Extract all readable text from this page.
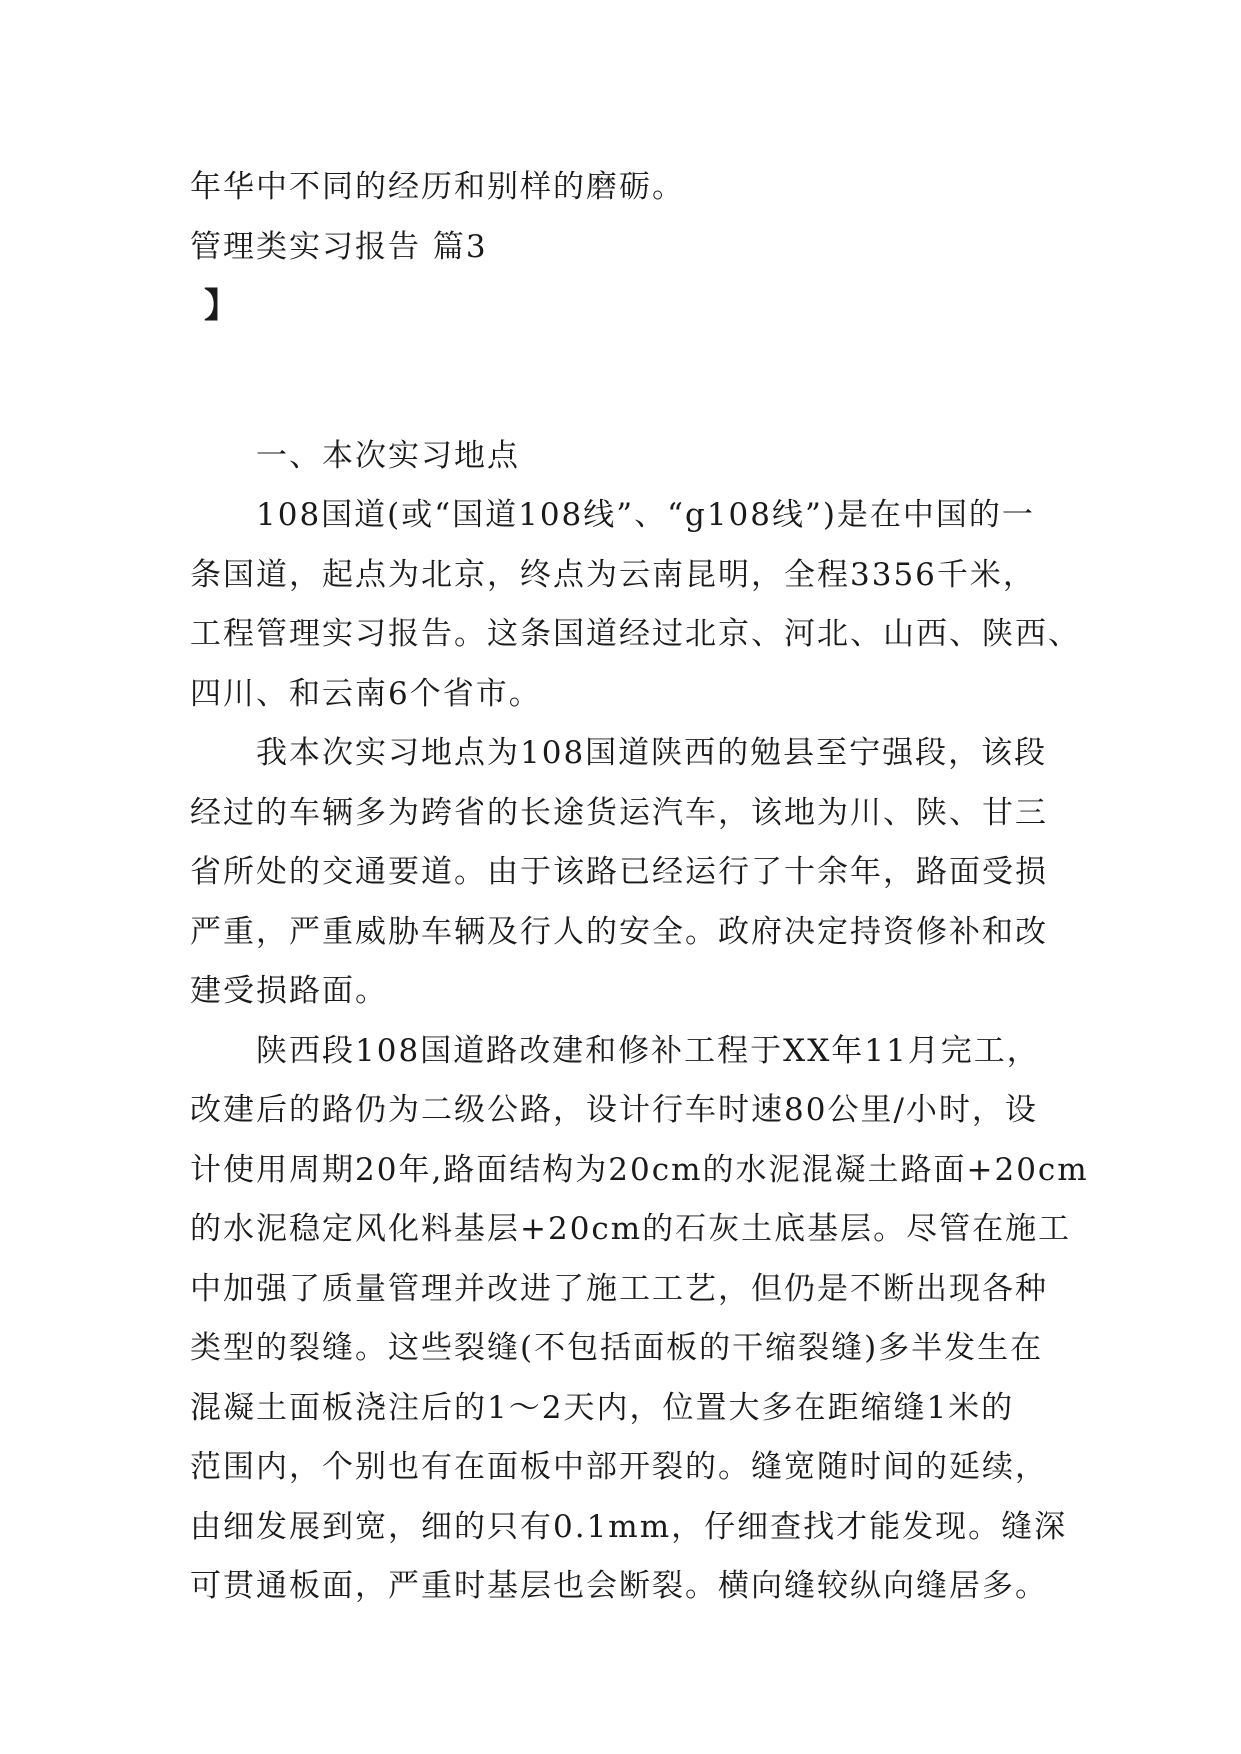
年华中不同的经历和别样的磨砺。
管理类实习报告 篇3
】
一、本次实习地点
108国道(或“国道108线”、“g108线”)是在中国的一
条国道，起点为北京，终点为云南昆明，全程3356千米，
工程管理实习报告。这条国道经过北京、河北、山西、陕西、
四川、和云南6个省市。
我本次实习地点为108国道陕西的勉县至宁强段，该段
经过的车辆多为跨省的长途货运汽车，该地为川、陕、甘三
省所处的交通要道。由于该路已经运行了十余年，路面受损
严重，严重威胁车辆及行人的安全。政府决定持资修补和改
建受损路面。
陕西段108国道路改建和修补工程于XX年11月完工，
改建后的路仍为二级公路，设计行车时速80公里/小时，设
计使用周期20年,路面结构为20cm的水泥混凝土路面+20cm
的水泥稳定风化料基层+20cm的石灰土底基层。尽管在施工
中加强了质量管理并改进了施工工艺，但仍是不断出现各种
类型的裂缝。这些裂缝(不包括面板的干缩裂缝)多半发生在
混凝土面板浇注后的1～2天内，位置大多在距缩缝1米的
范围内，个别也有在面板中部开裂的。缝宽随时间的延续，
由细发展到宽，细的只有0.1mm，仔细查找才能发现。缝深
可贯通板面，严重时基层也会断裂。横向缝较纵向缝居多。
